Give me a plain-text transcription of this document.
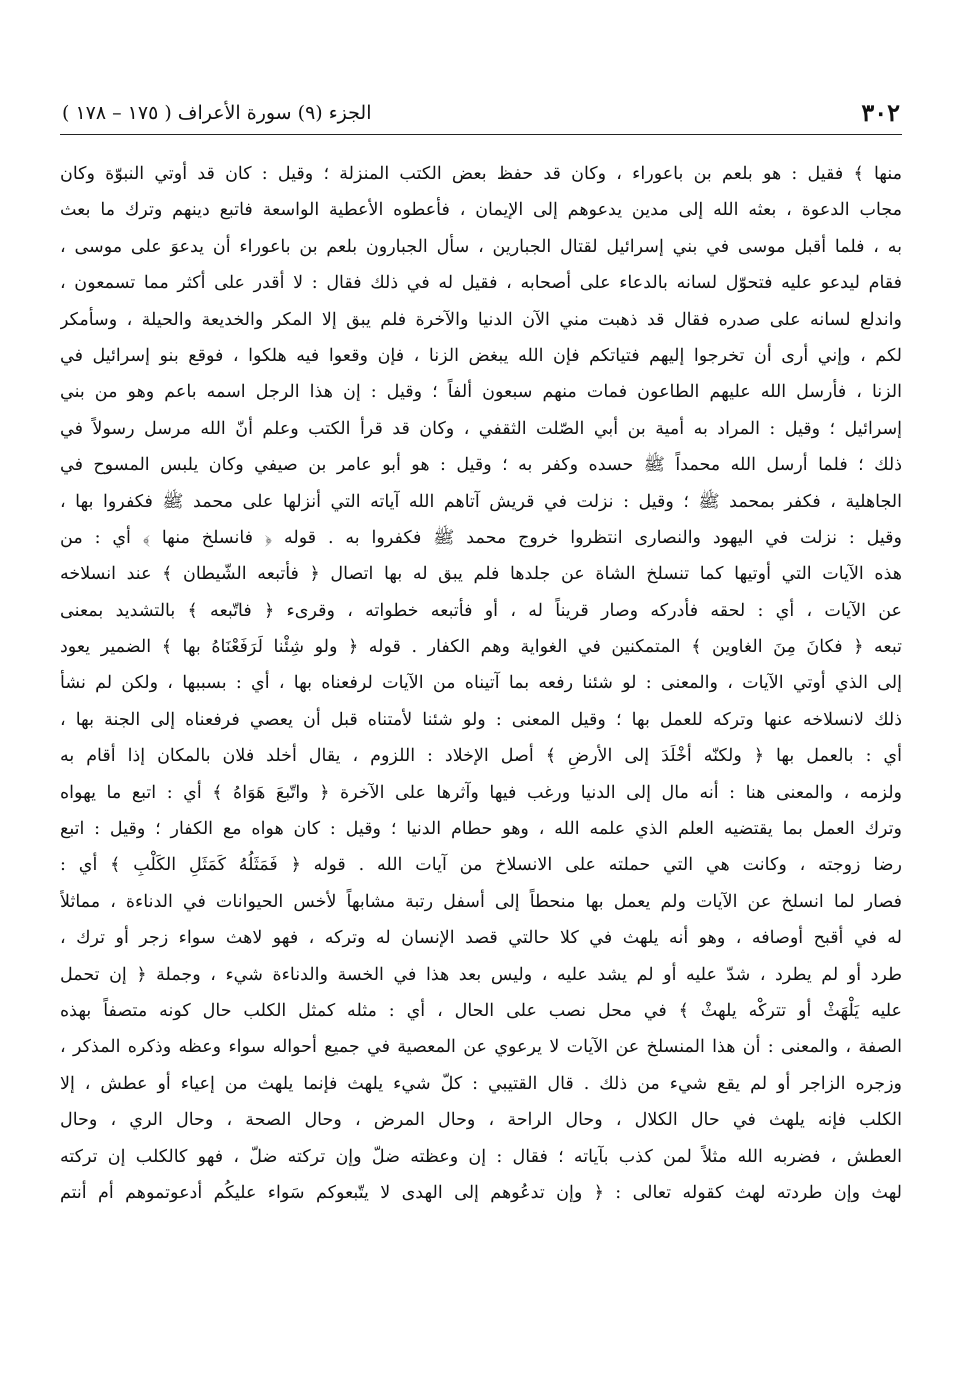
٣٠٢
الجزء (٩) سورة الأعراف ( ١٧٥ – ١٧٨ )
منها ﴾ فقيل : هو بلعم بن باعوراء ، وكان قد حفظ بعض الكتب المنزلة ؛ وقيل : كان قد أوتي النبوّة وكان
مجاب الدعوة ، بعثه الله إلى مدين يدعوهم إلى الإيمان ، فأعطوه الأعطية الواسعة فاتبع دينهم وترك ما بعث
به ، فلما أقبل موسى في بني إسرائيل لقتال الجبارين ، سأل الجبارون بلعم بن باعوراء أن يدعوَ على موسى ،
فقام ليدعو عليه فتحوّل لسانه بالدعاء على أصحابه ، فقيل له في ذلك فقال : لا أقدر على أكثر مما تسمعون ،
واندلع لسانه على صدره فقال قد ذهبت مني الآن الدنيا والآخرة فلم يبق إلا المكر والخديعة والحيلة ، وسأمكر
لكم ، وإني أرى أن تخرجوا إليهم فتياتكم فإن الله يبغض الزنا ، فإن وقعوا فيه هلكوا ، فوقع بنو إسرائيل في
الزنا ، فأرسل الله عليهم الطاعون فمات منهم سبعون ألفاً ؛ وقيل : إن هذا الرجل اسمه باعم وهو من بني
إسرائيل ؛ وقيل : المراد به أمية بن أبي الصّلت الثقفي ، وكان قد قرأ الكتب وعلم أنّ الله مرسل رسولاً في
ذلك ؛ فلما أرسل الله محمداً ﷺ حسده وكفر به ؛ وقيل : هو أبو عامر بن صيفي وكان يلبس المسوح في
الجاهلية ، فكفر بمحمد ﷺ ؛ وقيل : نزلت في قريش آتاهم الله آياته التي أنزلها على محمد ﷺ فكفروا بها ،
وقيل : نزلت في اليهود والنصارى انتظروا خروج محمد ﷺ فكفروا به . قوله ﴿ فانسلخ منها ﴾ أي : من
هذه الآيات التي أوتيها كما تنسلخ الشاة عن جلدها فلم يبق له بها اتصال ﴿ فأتبعه الشّيطان ﴾ عند انسلاخه
عن الآيات ، أي : لحقه فأدركه وصار قريناً له ، أو فأتبعه خطواته ، وقرىء ﴿ فاتّبعه ﴾ بالتشديد بمعنى
تبعه ﴿ فكانَ مِنَ الغاوين ﴾ المتمكنين في الغواية وهم الكفار . قوله ﴿ ولو شِئْنا لَرَفَعْنَاهُ بها ﴾ الضمير يعود
إلى الذي أوتي الآيات ، والمعنى : لو شئنا رفعه بما آتيناه من الآيات لرفعناه بها ، أي : بسببها ، ولكن لم نشأ
ذلك لانسلاخه عنها وتركه للعمل بها ؛ وقيل المعنى : ولو شئنا لأمتناه قبل أن يعصي فرفعناه إلى الجنة بها ،
أي : بالعمل بها ﴿ ولكنّه أخْلَدَ إلى الأرضِ ﴾ أصل الإخلاد : اللزوم ، يقال أخلد فلان بالمكان إذا أقام به
ولزمه ، والمعنى هنا : أنه مال إلى الدنيا ورغب فيها وآثرها على الآخرة ﴿ واتّبعَ هَوَاهُ ﴾ أي : اتبع ما يهواه
وترك العمل بما يقتضيه العلم الذي علمه الله ، وهو حطام الدنيا ؛ وقيل : كان هواه مع الكفار ؛ وقيل : اتبع
رضا زوجته ، وكانت هي التي حملته على الانسلاخ من آيات الله . قوله ﴿ فَمَثَلُهُ كَمَثَلِ الكَلْبِ ﴾ أي :
فصار لما انسلخ عن الآيات ولم يعمل بها منحطاً إلى أسفل رتبة مشابهاً لأخس الحيوانات في الدناءة ، مماثلاً
له في أقبح أوصافه ، وهو أنه يلهث في كلا حالتي قصد الإنسان له وتركه ، فهو لاهث سواء زجر أو ترك ،
طرد أو لم يطرد ، شدّ عليه أو لم يشد عليه ، وليس بعد هذا في الخسة والدناءة شيء ، وجملة ﴿ إن تحمل
عليه يَلْهَثْ أو تتركْه يلهثْ ﴾ في محل نصب على الحال ، أي : مثله كمثل الكلب حال كونه متصفاً بهذه
الصفة ، والمعنى : أن هذا المنسلخ عن الآيات لا يرعوي عن المعصية في جميع أحواله سواء وعظه وذكره المذكر ،
وزجره الزاجر أو لم يقع شيء من ذلك . قال القتيبي : كلّ شيء يلهث فإنما يلهث من إعياء أو عطش ، إلا
الكلب فإنه يلهث في حال الكلال ، وحال الراحة ، وحال المرض ، وحال الصحة ، وحال الري ، وحال
العطش ، فضربه الله مثلاً لمن كذب بآياته ؛ فقال : إن وعظته ضلّ وإن تركته ضلّ ، فهو كالكلب إن تركته
لهث وإن طردته لهث كقوله تعالى : ﴿ وإن تدعُوهم إلى الهدى لا يتّبعوكم سَواء عليكُم أدعوتموهم أم أنتم
